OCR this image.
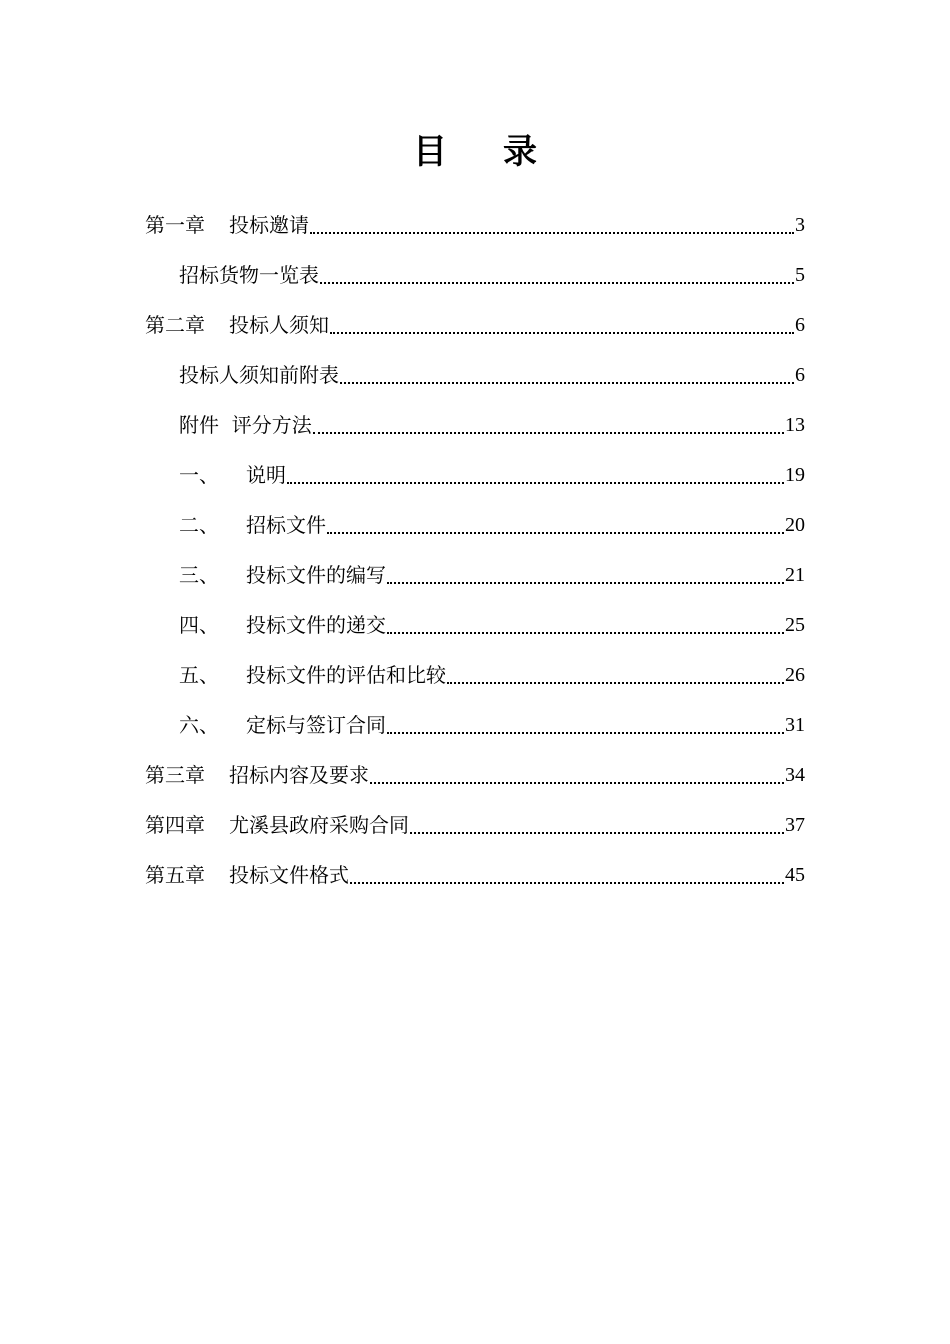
目 录
第一章	投标邀请	3
招标货物一览表	5
第二章	投标人须知	6
投标人须知前附表	6
附件  评分方法	13
一、	说明	19
二、	招标文件	20
三、	投标文件的编写	21
四、	投标文件的递交	25
五、	投标文件的评估和比较	26
六、	定标与签订合同	31
第三章	招标内容及要求	34
第四章	尤溪县政府采购合同	37
第五章	投标文件格式	45
